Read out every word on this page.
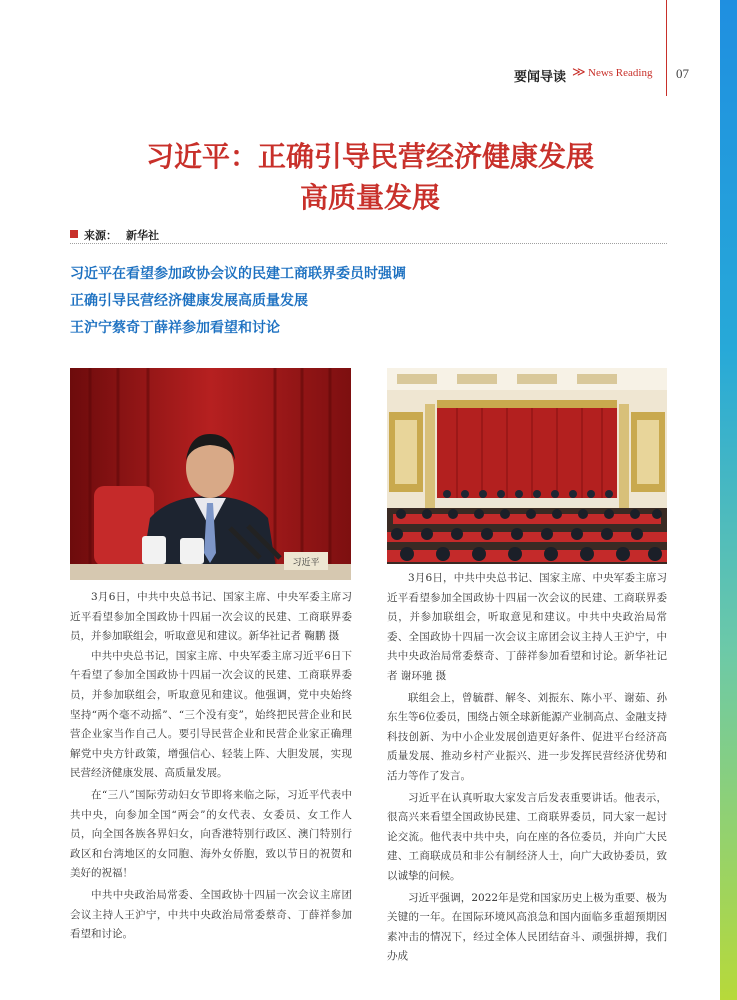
要闻导读 ≫ News Reading 07
习近平：正确引导民营经济健康发展
高质量发展
来源： 新华社
习近平在看望参加政协会议的民建工商联界委员时强调
正确引导民营经济健康发展高质量发展
王沪宁蔡奇丁薛祥参加看望和讨论
习近平

3月6日，中共中央总书记、国家主席、中央军委主席习近平看望参加全国政协十四届一次会议的民建、工商联界委员，并参加联组会，听取意见和建议。新华社记者 鞠鹏 摄

中共中央总书记，国家主席、中央军委主席习近平6日下午看望了参加全国政协十四届一次会议的民建、工商联界委员，并参加联组会，听取意见和建议。他强调，党中央始终坚持“两个毫不动摇”、“三个没有变”，始终把民营企业和民营企业家当作自己人。要引导民营企业和民营企业家正确理解党中央方针政策，增强信心、轻装上阵、大胆发展，实现民营经济健康发展、高质量发展。

在“三八”国际劳动妇女节即将来临之际，习近平代表中共中央，向参加全国“两会”的女代表、女委员、女工作人员，向全国各族各界妇女，向香港特别行政区、澳门特别行政区和台湾地区的女同胞、海外女侨胞，致以节日的祝贺和美好的祝福！

中共中央政治局常委、全国政协十四届一次会议主席团会议主持人王沪宁，中共中央政治局常委蔡奇、丁薛祥参加看望和讨论。

3月6日，中共中央总书记、国家主席、中央军委主席习近平看望参加全国政协十四届一次会议的民建、工商联界委员，并参加联组会，听取意见和建议。中共中央政治局常委、全国政协十四届一次会议主席团会议主持人王沪宁，中共中央政治局常委蔡奇、丁薛祥参加看望和讨论。新华社记者 谢环驰 摄

联组会上，曾毓群、解冬、刘振东、陈小平、谢茹、孙东生等6位委员，围绕占领全球新能源产业制高点、金融支持科技创新、为中小企业发展创造更好条件、促进平台经济高质量发展、推动乡村产业振兴、进一步发挥民营经济优势和活力等作了发言。

习近平在认真听取大家发言后发表重要讲话。他表示，很高兴来看望全国政协民建、工商联界委员，同大家一起讨论交流。他代表中共中央，向在座的各位委员，并向广大民建、工商联成员和非公有制经济人士，向广大政协委员，致以诚挚的问候。

习近平强调，2022年是党和国家历史上极为重要、极为关键的一年。在国际环境风高浪急和国内面临多重超预期因素冲击的情况下，经过全体人民团结奋斗、顽强拼搏，我们办成
